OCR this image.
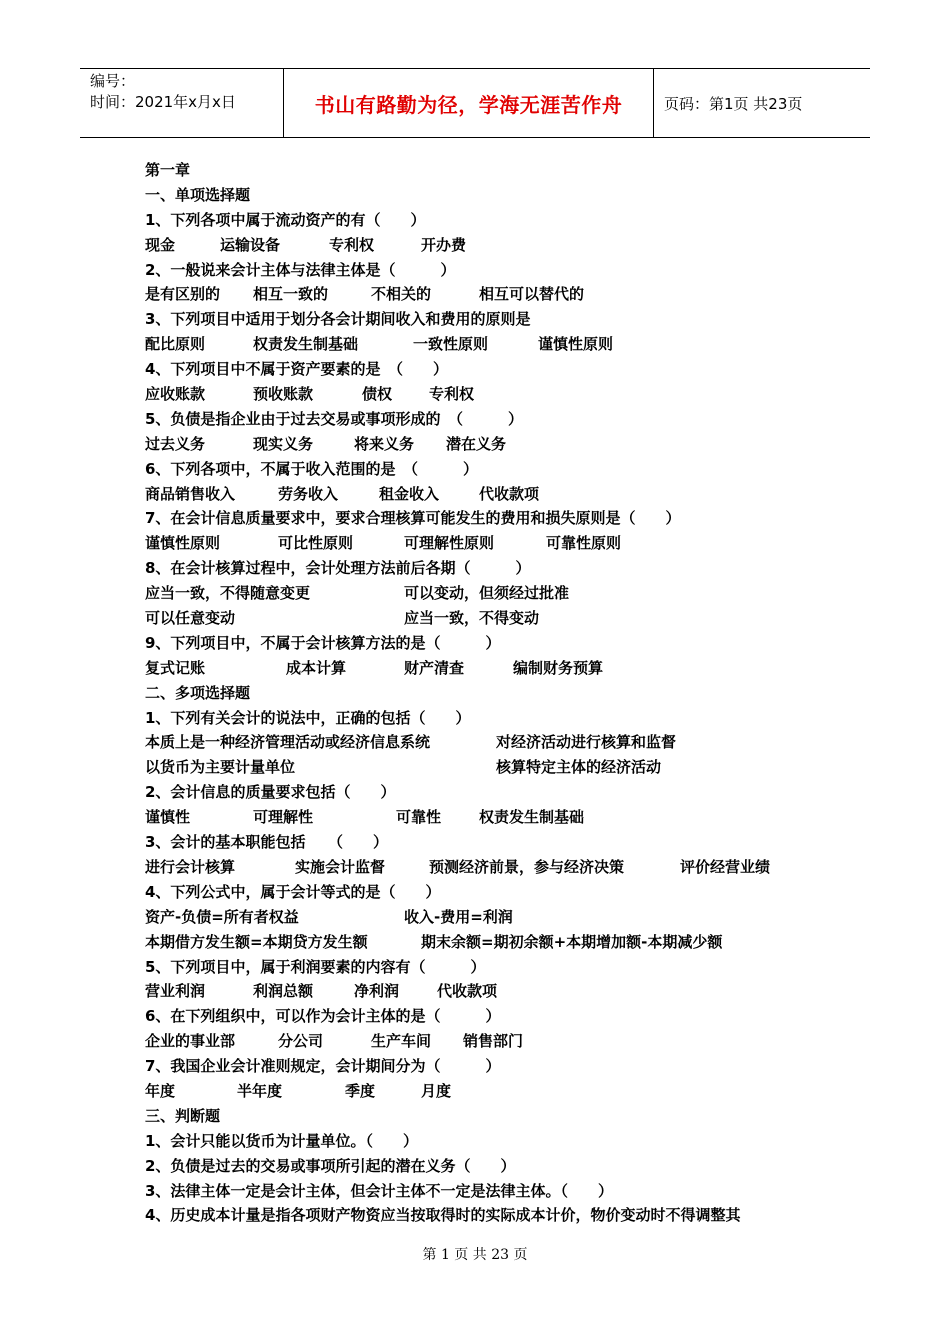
编号：
时间：2021年x月x日	书山有路勤为径，学海无涯苦作舟	页码：第1页 共23页
第一章
一、单项选择题
1、下列各项中属于流动资产的有（　　）
现金	运输设备	专利权	开办费
2、一般说来会计主体与法律主体是（　　　）
是有区别的 相互一致的	不相关的	相互可以替代的
3、下列项目中适用于划分各会计期间收入和费用的原则是
配比原则	权责发生制基础	一致性原则	谨慎性原则
4、下列项目中不属于资产要素的是　（　　）
应收账款	预收账款	债权 专利权
5、负债是指企业由于过去交易或事项形成的　（　　　）
过去义务	现实义务	将来义务 潜在义务
6、下列各项中，不属于收入范围的是　（　　　）
商品销售收入	劳务收入	租金收入	代收款项
7、在会计信息质量要求中，要求合理核算可能发生的费用和损失原则是（　　）
谨慎性原则	可比性原则	可理解性原则	可靠性原则
8、在会计核算过程中，会计处理方法前后各期（　　　）
应当一致，不得随意变更	可以变动，但须经过批准
可以任意变动	应当一致，不得变动
9、下列项目中，不属于会计核算方法的是（　　　）
复式记账	成本计算	财产清查	编制财务预算
二、多项选择题
1、下列有关会计的说法中，正确的包括（　　）
本质上是一种经济管理活动或经济信息系统	对经济活动进行核算和监督
以货币为主要计量单位	核算特定主体的经济活动
2、会计信息的质量要求包括（　　）
谨慎性	可理解性	可靠性	权责发生制基础
3、会计的基本职能包括　　（　　）
进行会计核算	实施会计监督	预测经济前景，参与经济决策	评价经营业绩
4、下列公式中，属于会计等式的是（　　）
资产-负债=所有者权益	收入-费用=利润
本期借方发生额=本期贷方发生额	期末余额=期初余额+本期增加额-本期减少额
5、下列项目中，属于利润要素的内容有（　　　）
营业利润	利润总额	净利润	代收款项
6、在下列组织中，可以作为会计主体的是（　　　）
企业的事业部	分公司	生产车间 销售部门
7、我国企业会计准则规定，会计期间分为（　　　）
年度	半年度	季度	月度
三、判断题
1、会计只能以货币为计量单位。（　　）
2、负债是过去的交易或事项所引起的潜在义务（　　）
3、法律主体一定是会计主体，但会计主体不一定是法律主体。（　　）
4、历史成本计量是指各项财产物资应当按取得时的实际成本计价，物价变动时不得调整其
第 1 页 共 23 页
